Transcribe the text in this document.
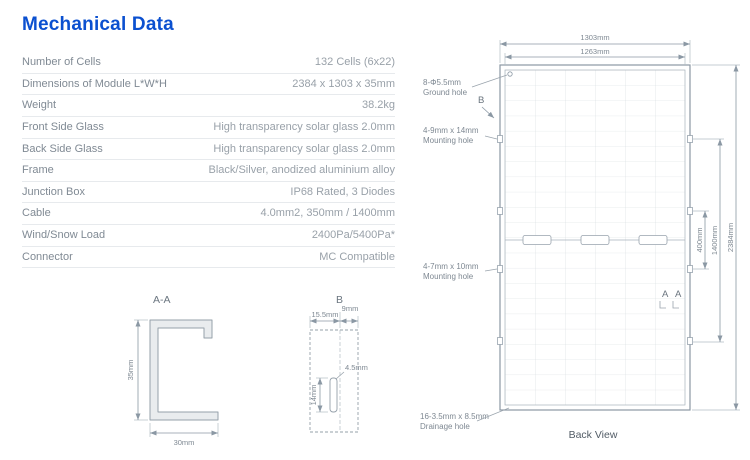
Mechanical Data
Number of Cells	132 Cells (6x22)
Dimensions of Module L*W*H	2384 x 1303 x 35mm
Weight	38.2kg
Front Side Glass	High transparency solar glass 2.0mm
Back Side Glass	High transparency solar glass 2.0mm
Frame	Black/Silver, anodized aluminium alloy
Junction Box	IP68 Rated, 3 Diodes
Cable	4.0mm2, 350mm / 1400mm
Wind/Snow Load	2400Pa/5400Pa*
Connector	MC Compatible
A-A
35mm
30mm
B
15.5mm
9mm
4.5mm
14mm
1303mm
1263mm
2384mm
1400mm
400mm
8-Φ5.5mm
Ground hole
B
4-9mm x 14mm
Mounting hole
4-7mm x 10mm
Mounting hole
16-3.5mm x 8.5mm
Drainage hole
A A
Back View
